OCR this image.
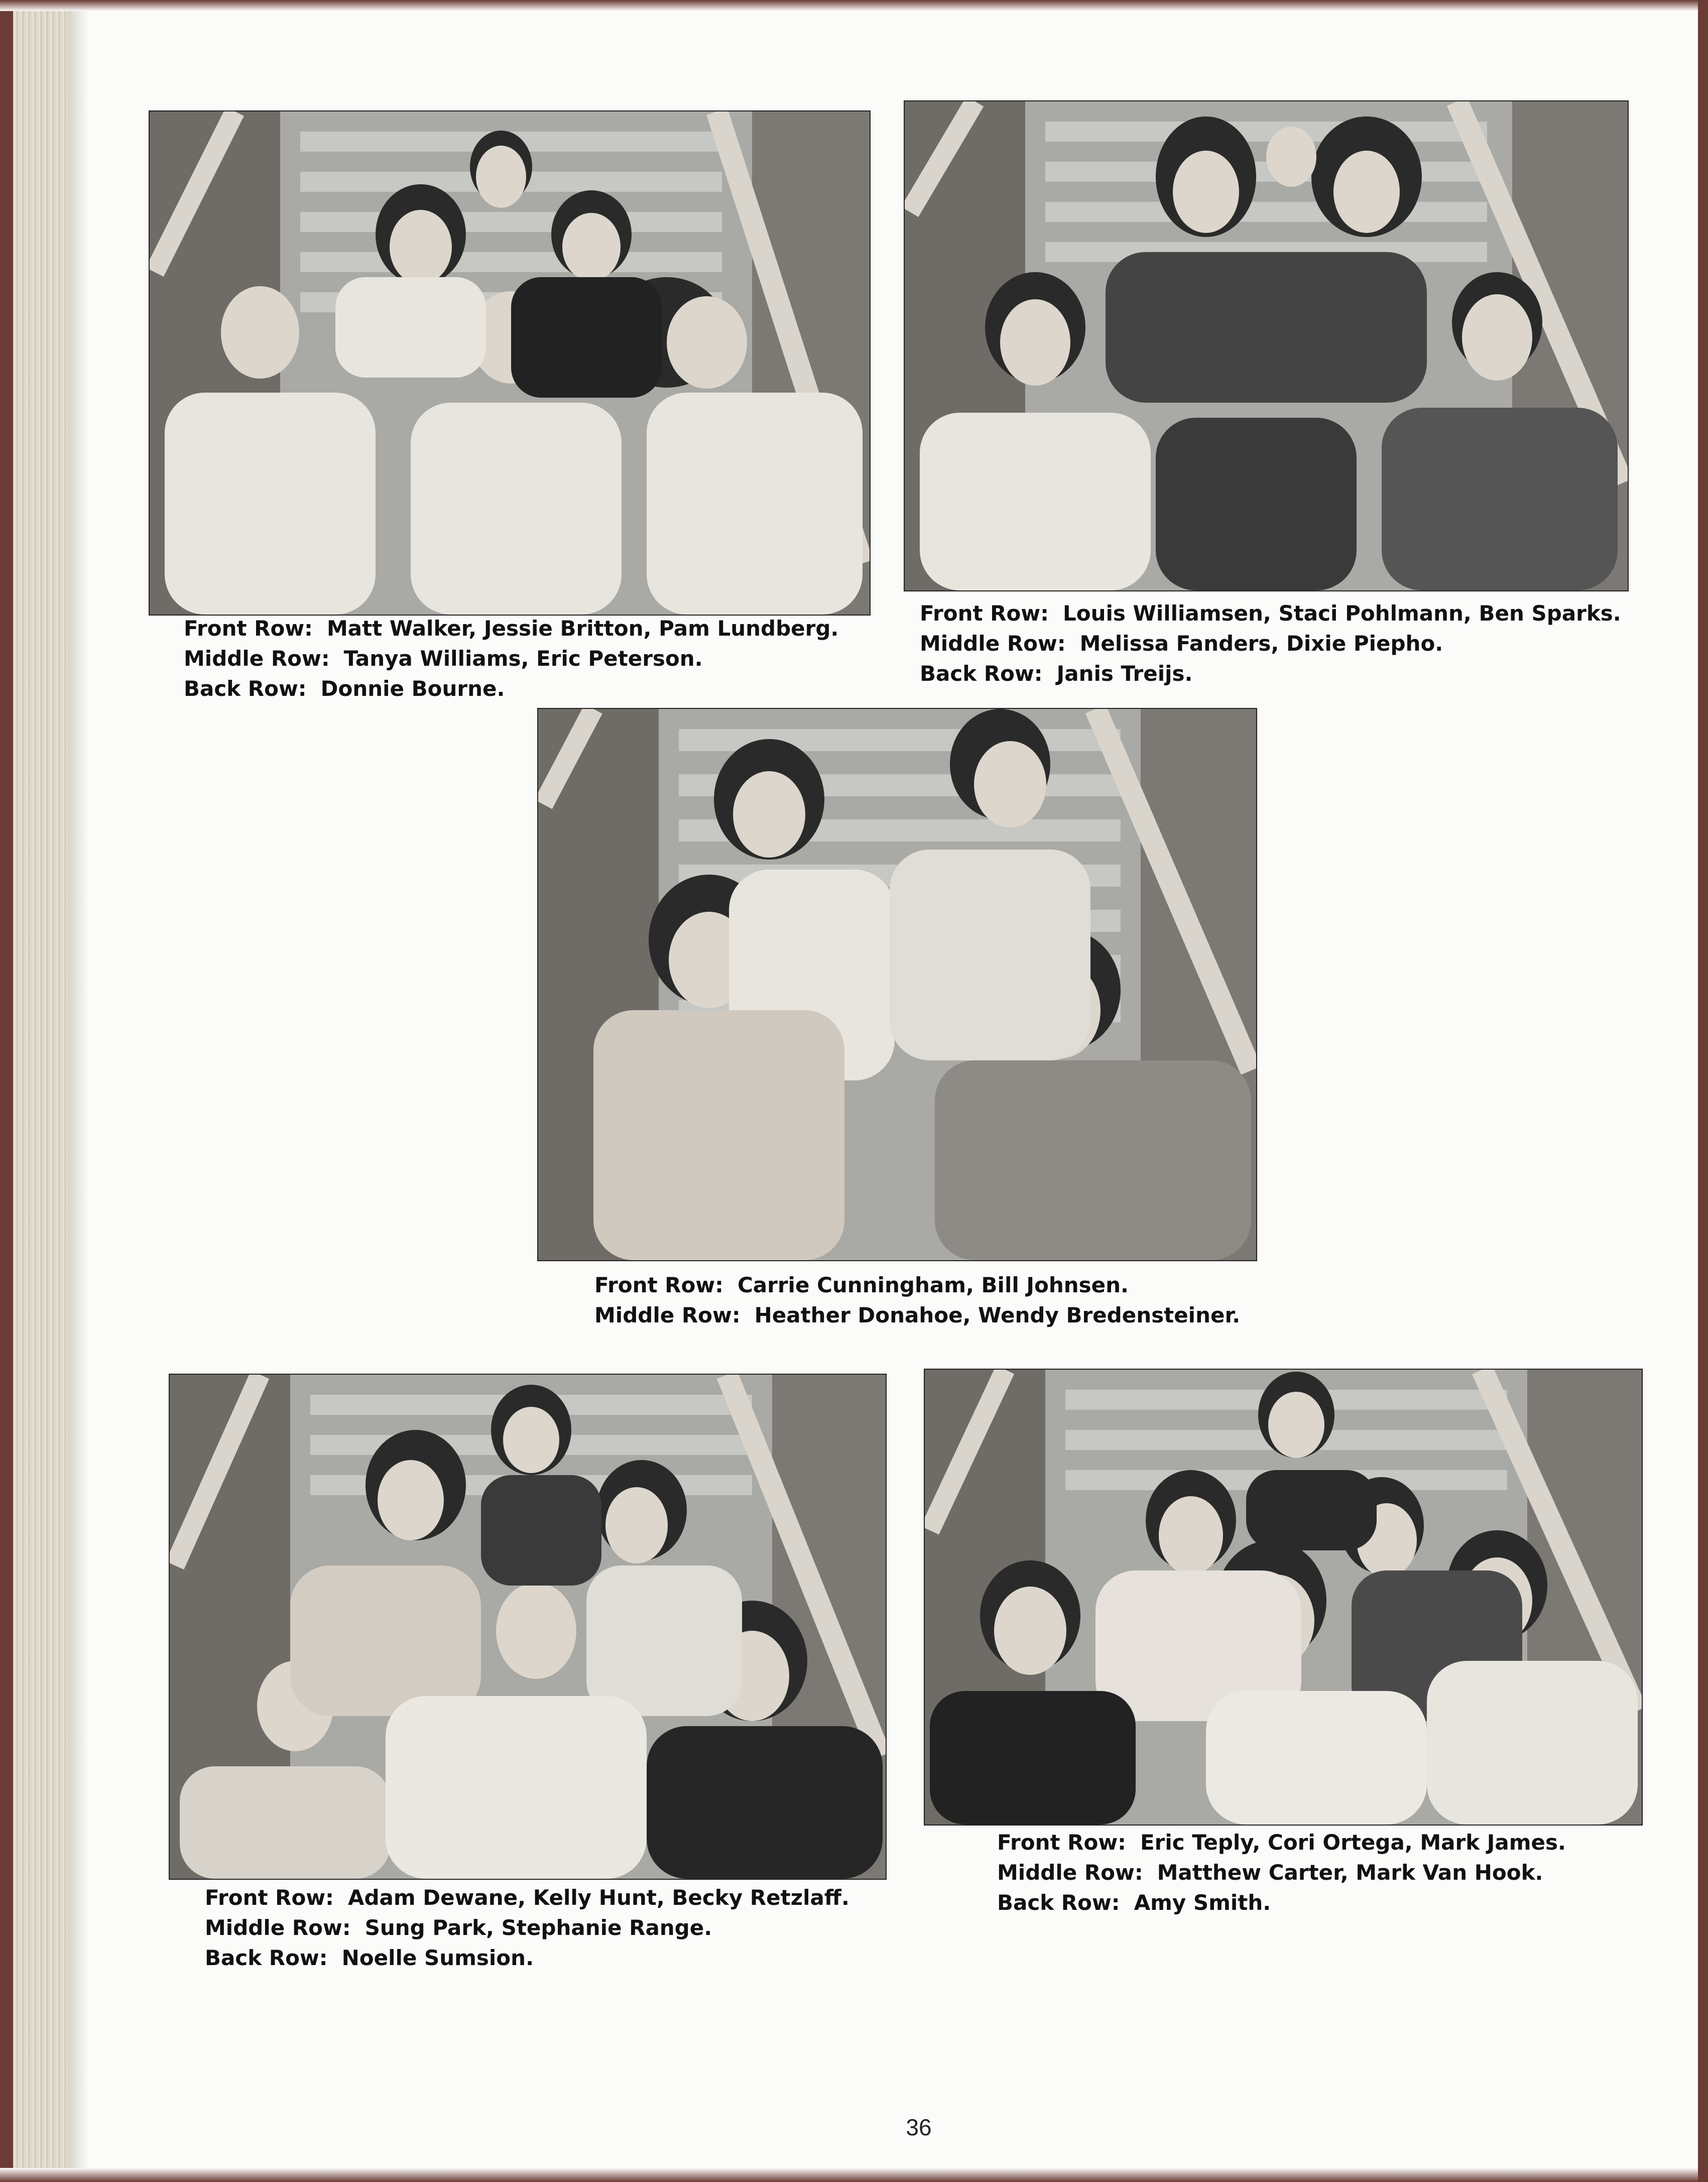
Front Row: Matt Walker, Jessie Britton, Pam Lundberg.
Middle Row: Tanya Williams, Eric Peterson.
Back Row: Donnie Bourne.
Front Row: Louis Williamsen, Staci Pohlmann, Ben Sparks.
Middle Row: Melissa Fanders, Dixie Piepho.
Back Row: Janis Treijs.
Front Row: Carrie Cunningham, Bill Johnsen.
Middle Row: Heather Donahoe, Wendy Bredensteiner.
Front Row: Adam Dewane, Kelly Hunt, Becky Retzlaff.
Middle Row: Sung Park, Stephanie Range.
Back Row: Noelle Sumsion.
Front Row: Eric Teply, Cori Ortega, Mark James.
Middle Row: Matthew Carter, Mark Van Hook.
Back Row: Amy Smith.
36
